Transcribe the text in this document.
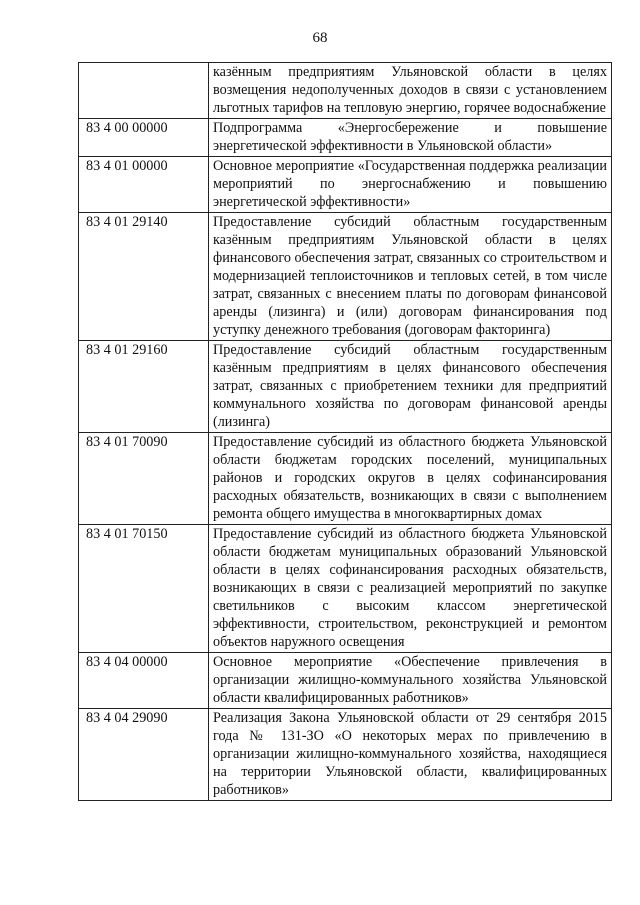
68
	казённым предприятиям Ульяновской области в целях возмещения недополученных доходов в связи с установлением льготных тарифов на тепловую энергию, горячее водоснабжение
83 4 00 00000	Подпрограмма «Энергосбережение и повышение энергетической эффективности в Ульяновской области»
83 4 01 00000	Основное мероприятие «Государственная поддержка реализации мероприятий по энергоснабжению и повышению энергетической эффективности»
83 4 01 29140	Предоставление субсидий областным государственным казённым предприятиям Ульяновской области в целях финансового обеспечения затрат, связанных со строительством и модернизацией теплоисточников и тепловых сетей, в том числе затрат, связанных с внесением платы по договорам финансовой аренды (лизинга) и (или) договорам финансирования под уступку денежного требования (договорам факторинга)
83 4 01 29160	Предоставление субсидий областным государственным казённым предприятиям в целях финансового обеспечения затрат, связанных с приобретением техники для предприятий коммунального хозяйства по договорам финансовой аренды (лизинга)
83 4 01 70090	Предоставление субсидий из областного бюджета Ульяновской области бюджетам городских поселений, муниципальных районов и городских округов в целях софинансирования расходных обязательств, возникающих в связи с выполнением ремонта общего имущества в многоквартирных домах
83 4 01 70150	Предоставление субсидий из областного бюджета Ульяновской области бюджетам муниципальных образований Ульяновской области в целях софинансирования расходных обязательств, возникающих в связи с реализацией мероприятий по закупке светильников с высоким классом энергетической эффективности, строительством, реконструкцией и ремонтом объектов наружного освещения
83 4 04 00000	Основное мероприятие «Обеспечение привлечения в организации жилищно-коммунального хозяйства Ульяновской области квалифицированных работников»
83 4 04 29090	Реализация Закона Ульяновской области от 29 сентября 2015 года № 131-ЗО «О некоторых мерах по привлечению в организации жилищно-коммунального хозяйства, находящиеся на территории Ульяновской области, квалифицированных работников»
